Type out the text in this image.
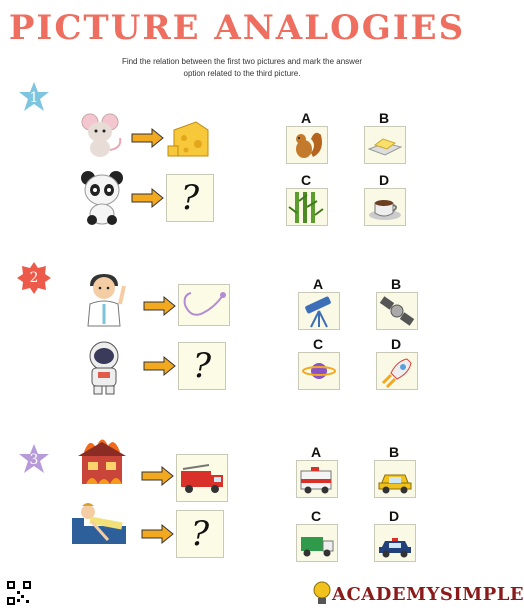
PICTURE ANALOGIES
Find the relation between the first two pictures and mark the answer option related to the third picture.
1
?
A	B
C	D
2
?
A	B
C	D
3
?
A	B
C	D
ACADEMYSIMPLE
